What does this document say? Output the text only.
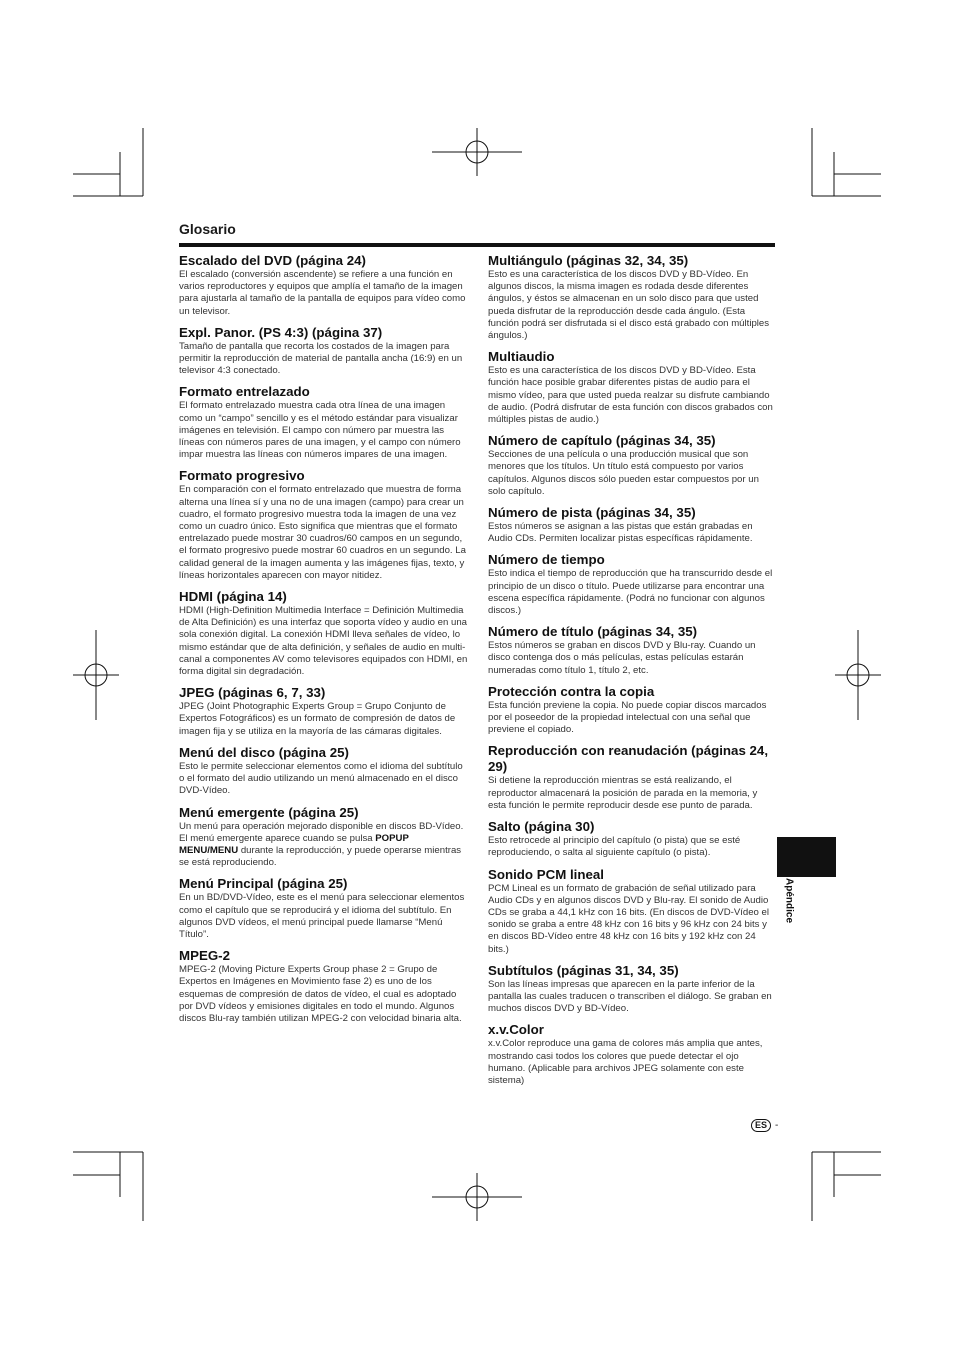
Glosario
Escalado del DVD (página 24)

El escalado (conversión ascendente) se refiere a una función en varios reproductores y equipos que amplía el tamaño de la imagen para ajustarla al tamaño de la pantalla de equipos para vídeo como un televisor.

Expl. Panor. (PS 4:3) (página 37)

Tamaño de pantalla que recorta los costados de la imagen para permitir la reproducción de material de pantalla ancha (16:9) en un televisor 4:3 conectado.

Formato entrelazado

El formato entrelazado muestra cada otra línea de una imagen como un “campo” sencillo y es el método estándar para visualizar imágenes en televisión. El campo con número par muestra las líneas con números pares de una imagen, y el campo con número impar muestra las líneas con números impares de una imagen.

Formato progresivo

En comparación con el formato entrelazado que muestra de forma alterna una línea sí y una no de una imagen (campo) para crear un cuadro, el formato progresivo muestra toda la imagen de una vez como un cuadro único. Esto significa que mientras que el formato entrelazado puede mostrar 30 cuadros/60 campos en un segundo, el formato progresivo puede mostrar 60 cuadros en un segundo. La calidad general de la imagen aumenta y las imágenes fijas, texto, y líneas horizontales aparecen con mayor nitidez.

HDMI (página 14)

HDMI (High-Definition Multimedia Interface = Definición Multimedia de Alta Definición) es una interfaz que soporta vídeo y audio en una sola conexión digital. La conexión HDMI lleva señales de vídeo, lo mismo estándar que de alta definición, y señales de audio en multi-canal a componentes AV como televisores equipados con HDMI, en forma digital sin degradación.

JPEG (páginas 6, 7, 33)

JPEG (Joint Photographic Experts Group = Grupo Conjunto de Expertos Fotográficos) es un formato de compresión de datos de imagen fija y se utiliza en la mayoría de las cámaras digitales.

Menú del disco (página 25)

Esto le permite seleccionar elementos como el idioma del subtítulo o el formato del audio utilizando un menú almacenado en el disco DVD-Vídeo.

Menú emergente (página 25)

Un menú para operación mejorado disponible en discos BD-Vídeo. El menú emergente aparece cuando se pulsa POPUP MENU/MENU durante la reproducción, y puede operarse mientras se está reproduciendo.

Menú Principal (página 25)

En un BD/DVD-Vídeo, este es el menú para seleccionar elementos como el capítulo que se reproducirá y el idioma del subtítulo. En algunos DVD vídeos, el menú principal puede llamarse “Menú Título”.

MPEG-2

MPEG-2 (Moving Picture Experts Group phase 2 = Grupo de Expertos en Imágenes en Movimiento fase 2) es uno de los esquemas de compresión de datos de vídeo, el cual es adoptado por DVD vídeos y emisiones digitales en todo el mundo. Algunos discos Blu-ray también utilizan MPEG-2 con velocidad binaria alta.

Multiángulo (páginas 32, 34, 35)

Esto es una característica de los discos DVD y BD-Vídeo. En algunos discos, la misma imagen es rodada desde diferentes ángulos, y éstos se almacenan en un solo disco para que usted pueda disfrutar de la reproducción desde cada ángulo. (Esta función podrá ser disfrutada si el disco está grabado con múltiples ángulos.)

Multiaudio

Esto es una característica de los discos DVD y BD-Vídeo. Esta función hace posible grabar diferentes pistas de audio para el mismo vídeo, para que usted pueda realzar su disfrute cambiando de audio. (Podrá disfrutar de esta función con discos grabados con múltiples pistas de audio.)

Número de capítulo (páginas 34, 35)

Secciones de una película o una producción musical que son menores que los títulos. Un título está compuesto por varios capítulos. Algunos discos sólo pueden estar compuestos por un solo capítulo.

Número de pista (páginas 34, 35)

Estos números se asignan a las pistas que están grabadas en Audio CDs. Permiten localizar pistas específicas rápidamente.

Número de tiempo

Esto indica el tiempo de reproducción que ha transcurrido desde el principio de un disco o título. Puede utilizarse para encontrar una escena específica rápidamente. (Podrá no funcionar con algunos discos.)

Número de título (páginas 34, 35)

Estos números se graban en discos DVD y Blu-ray. Cuando un disco contenga dos o más películas, estas películas estarán numeradas como título 1, título 2, etc.

Protección contra la copia

Esta función previene la copia. No puede copiar discos marcados por el poseedor de la propiedad intelectual con una señal que previene el copiado.

Reproducción con reanudación (páginas 24, 29)

Si detiene la reproducción mientras se está realizando, el reproductor almacenará la posición de parada en la memoria, y esta función le permite reproducir desde ese punto de parada.

Salto (página 30)

Esto retrocede al principio del capítulo (o pista) que se esté reproduciendo, o salta al siguiente capítulo (o pista).

Sonido PCM lineal

PCM Lineal es un formato de grabación de señal utilizado para Audio CDs y en algunos discos DVD y Blu-ray. El sonido de Audio CDs se graba a 44,1 kHz con 16 bits. (En discos de DVD-Vídeo el sonido se graba a entre 48 kHz con 16 bits y 96 kHz con 24 bits y en discos BD-Vídeo entre 48 kHz con 16 bits y 192 kHz con 24 bits.)

Subtítulos (páginas 31, 34, 35)

Son las líneas impresas que aparecen en la parte inferior de la pantalla las cuales traducen o transcriben el diálogo. Se graban en muchos discos DVD y BD-Vídeo.

x.v.Color

x.v.Color reproduce una gama de colores más amplia que antes, mostrando casi todos los colores que puede detectar el ojo humano. (Aplicable para archivos JPEG solamente con este sistema)

Apéndice
ES -
